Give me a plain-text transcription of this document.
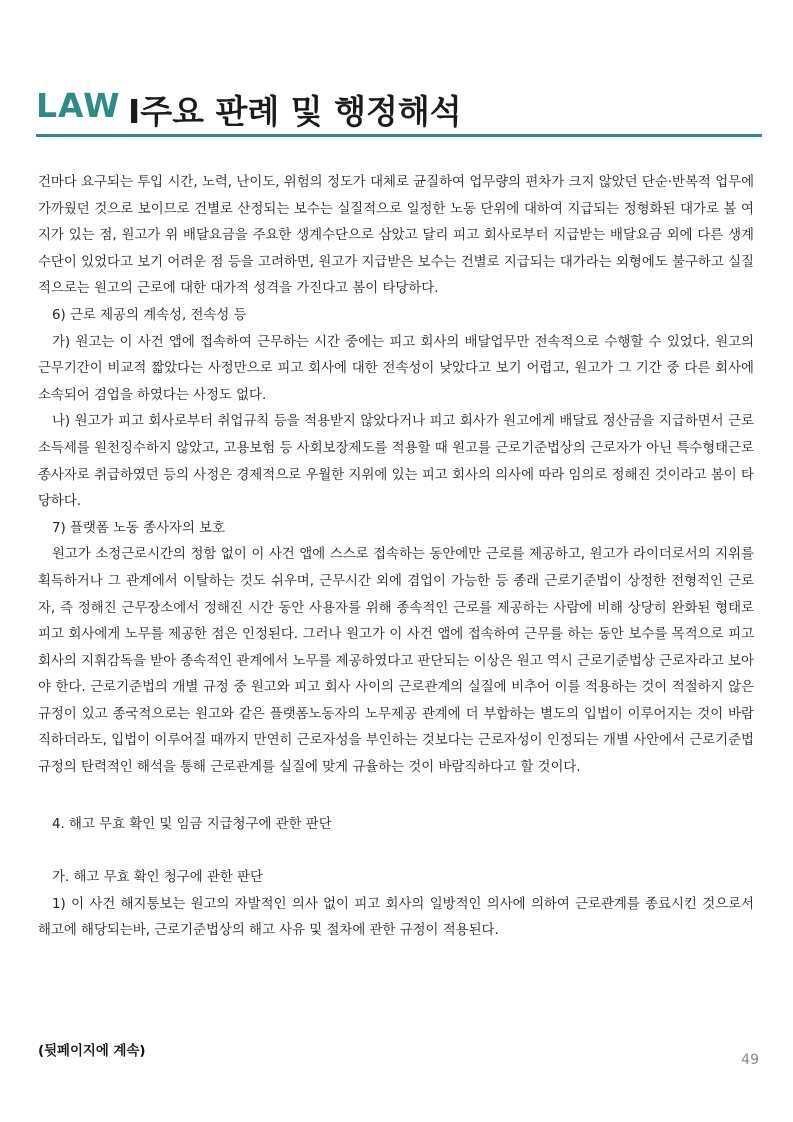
LAW Ⅰ주요 판례 및 행정해석

건마다 요구되는 투입 시간, 노력, 난이도, 위험의 정도가 대체로 균질하여 업무량의 편차가 크지 않았던 단순·반복적 업무에 가까웠던 것으로 보이므로 건별로 산정되는 보수는 실질적으로 일정한 노동 단위에 대하여 지급되는 정형화된 대가로 볼 여지가 있는 점, 원고가 위 배달요금을 주요한 생계수단으로 삼았고 달리 피고 회사로부터 지급받는 배달요금 외에 다른 생계수단이 있었다고 보기 어려운 점 등을 고려하면, 원고가 지급받은 보수는 건별로 지급되는 대가라는 외형에도 불구하고 실질적으로는 원고의 근로에 대한 대가적 성격을 가진다고 봄이 타당하다.

6) 근로 제공의 계속성, 전속성 등

가) 원고는 이 사건 앱에 접속하여 근무하는 시간 중에는 피고 회사의 배달업무만 전속적으로 수행할 수 있었다. 원고의 근무기간이 비교적 짧았다는 사정만으로 피고 회사에 대한 전속성이 낮았다고 보기 어렵고, 원고가 그 기간 중 다른 회사에 소속되어 겸업을 하였다는 사정도 없다.

나) 원고가 피고 회사로부터 취업규칙 등을 적용받지 않았다거나 피고 회사가 원고에게 배달료 정산금을 지급하면서 근로소득세를 원천징수하지 않았고, 고용보험 등 사회보장제도를 적용할 때 원고를 근로기준법상의 근로자가 아닌 특수형태근로종사자로 취급하였던 등의 사정은 경제적으로 우월한 지위에 있는 피고 회사의 의사에 따라 임의로 정해진 것이라고 봄이 타당하다.

7) 플랫폼 노동 종사자의 보호

원고가 소정근로시간의 정함 없이 이 사건 앱에 스스로 접속하는 동안에만 근로를 제공하고, 원고가 라이더로서의 지위를 획득하거나 그 관계에서 이탈하는 것도 쉬우며, 근무시간 외에 겸업이 가능한 등 종래 근로기준법이 상정한 전형적인 근로자, 즉 정해진 근무장소에서 정해진 시간 동안 사용자를 위해 종속적인 근로를 제공하는 사람에 비해 상당히 완화된 형태로 피고 회사에게 노무를 제공한 점은 인정된다. 그러나 원고가 이 사건 앱에 접속하여 근무를 하는 동안 보수를 목적으로 피고 회사의 지휘감독을 받아 종속적인 관계에서 노무를 제공하였다고 판단되는 이상은 원고 역시 근로기준법상 근로자라고 보아야 한다. 근로기준법의 개별 규정 중 원고와 피고 회사 사이의 근로관계의 실질에 비추어 이를 적용하는 것이 적절하지 않은 규정이 있고 종국적으로는 원고와 같은 플랫폼노동자의 노무제공 관계에 더 부합하는 별도의 입법이 이루어지는 것이 바람직하더라도, 입법이 이루어질 때까지 만연히 근로자성을 부인하는 것보다는 근로자성이 인정되는 개별 사안에서 근로기준법 규정의 탄력적인 해석을 통해 근로관계를 실질에 맞게 규율하는 것이 바람직하다고 할 것이다.

4. 해고 무효 확인 및 임금 지급청구에 관한 판단

가. 해고 무효 확인 청구에 관한 판단

1) 이 사건 해지통보는 원고의 자발적인 의사 없이 피고 회사의 일방적인 의사에 의하여 근로관계를 종료시킨 것으로서 해고에 해당되는바, 근로기준법상의 해고 사유 및 절차에 관한 규정이 적용된다.

(뒷페이지에 계속)
49
